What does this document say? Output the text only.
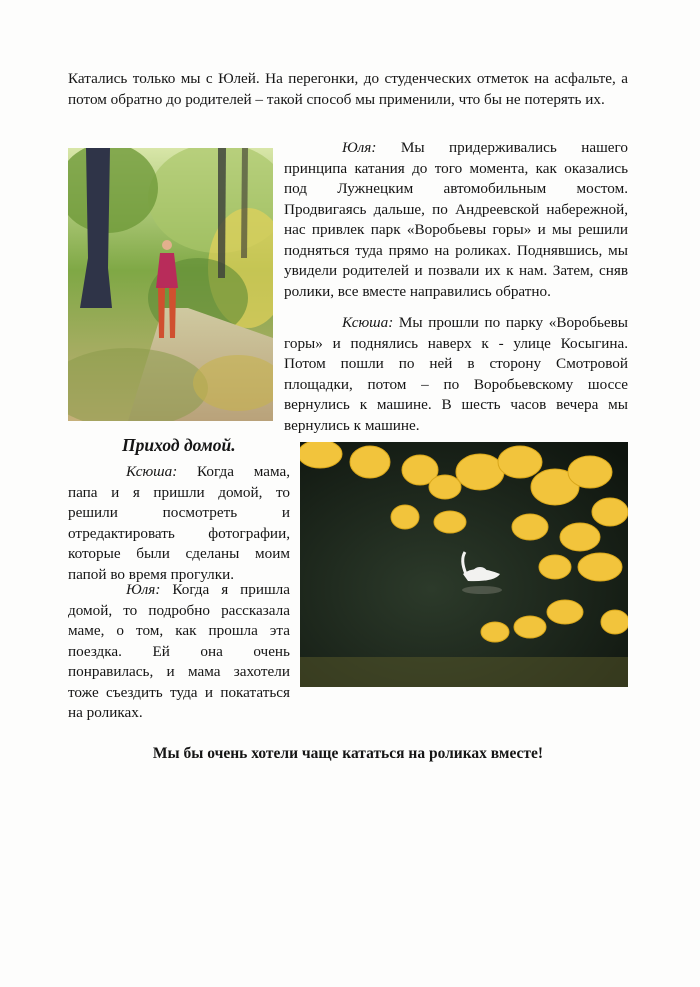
Катались только мы с Юлей. На перегонки, до студенческих отметок на асфальте, а потом обратно до родителей – такой способ мы применили, что бы не потерять их.

Юля: Мы придерживались нашего принципа катания до того момента, как оказались под Лужнецким автомобильным мостом. Продвигаясь дальше, по Андреевской набережной, нас привлек парк «Воробьевы горы» и мы решили подняться туда прямо на роликах. Поднявшись, мы увидели родителей и позвали их к нам. Затем, сняв ролики, все вместе направились обратно.

Ксюша: Мы прошли по парку «Воробьевы горы» и поднялись наверх к - улице Косыгина. Потом пошли по ней в сторону Смотровой площадки, потом – по Воробьевскому шоссе вернулись к машине. В шесть часов вечера мы вернулись к машине.

Приход домой.

Ксюша: Когда мама, папа и я пришли домой, то решили посмотреть и отредактировать фотографии, которые были сделаны моим папой во время прогулки.

Юля: Когда я пришла домой, то подробно рассказала маме, о том, как прошла эта поездка. Ей она очень понравилась, и мама захотели тоже съездить туда и покататься на роликах.

Мы бы очень хотели чаще кататься на роликах вместе!
